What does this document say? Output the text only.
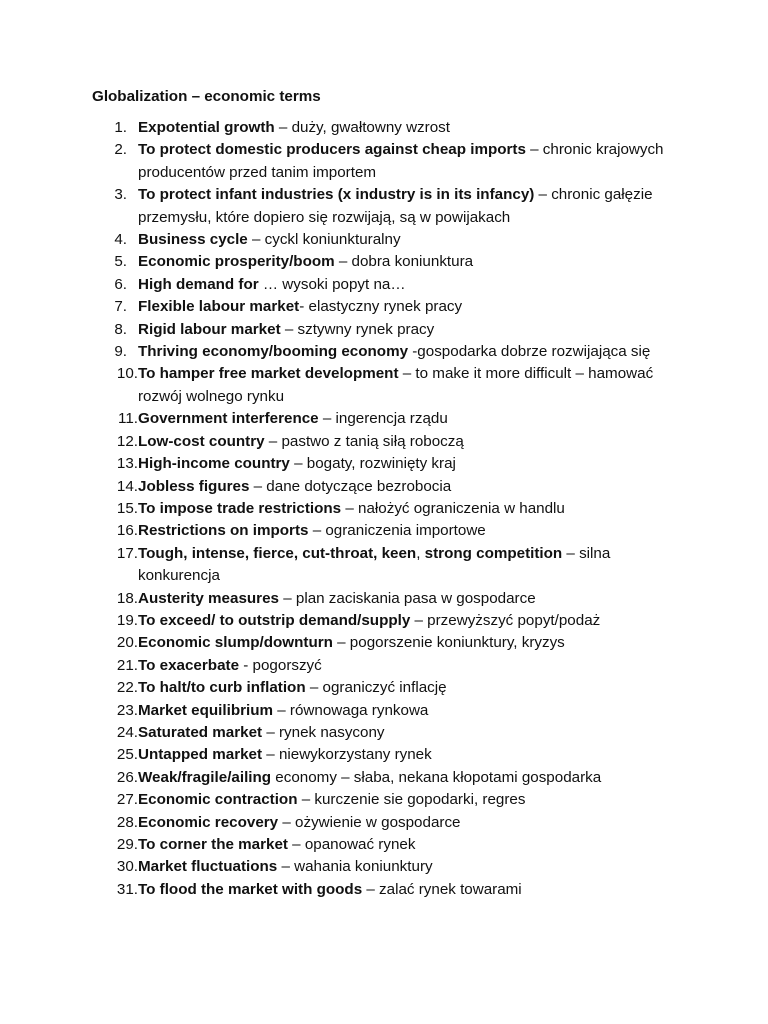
Globalization – economic terms
1. Expotential growth – duży, gwałtowny wzrost
2. To protect domestic producers against cheap imports – chronic krajowych producentów przed tanim importem
3. To protect infant industries (x industry is in its infancy) – chronic gałęzie przemysłu, które dopiero się rozwijają, są w powijakach
4. Business cycle – cyckl koniunkturalny
5. Economic prosperity/boom – dobra koniunktura
6. High demand for … wysoki popyt na…
7. Flexible labour market- elastyczny rynek pracy
8. Rigid labour market – sztywny rynek pracy
9. Thriving economy/booming economy -gospodarka dobrze rozwijająca się
10. To hamper free market development – to make it more difficult – hamować rozwój wolnego rynku
11. Government interference – ingerencja rządu
12. Low-cost country – pastwo z tanią siłą roboczą
13. High-income country – bogaty, rozwinięty kraj
14. Jobless figures – dane dotyczące bezrobocia
15. To impose trade restrictions – nałożyć ograniczenia w handlu
16. Restrictions on imports – ograniczenia importowe
17. Tough, intense, fierce, cut-throat, keen, strong competition – silna konkurencja
18. Austerity measures – plan zaciskania pasa w gospodarce
19. To exceed/ to outstrip demand/supply – przewyższyć popyt/podaż
20. Economic slump/downturn – pogorszenie koniunktury, kryzys
21. To exacerbate - pogorszyć
22. To halt/to curb inflation – ograniczyć inflację
23. Market equilibrium – równowaga rynkowa
24. Saturated market – rynek nasycony
25. Untapped market – niewykorzystany rynek
26. Weak/fragile/ailing economy – słaba, nekana kłopotami gospodarka
27. Economic contraction – kurczenie sie gopodarki, regres
28. Economic recovery – ożywienie w gospodarce
29. To corner the market – opanować rynek
30. Market fluctuations – wahania koniunktury
31. To flood the market with goods – zalać rynek towarami
